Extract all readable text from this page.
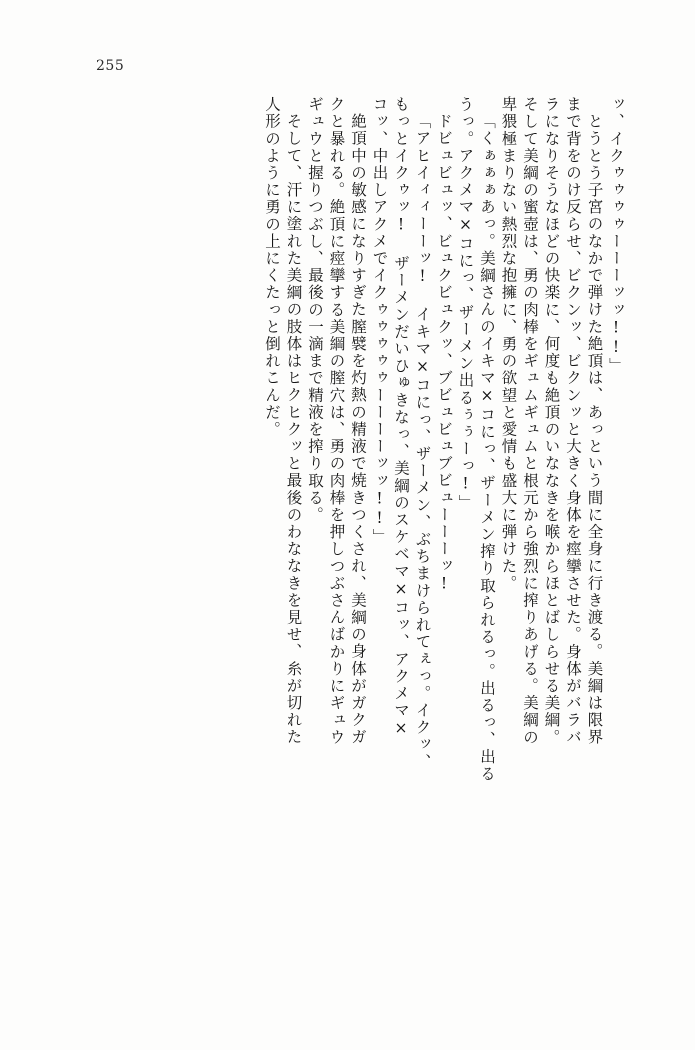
255
ッ、イクゥゥゥゥーーーッッ!!」
とうとう子宮のなかで弾けた絶頂は、あっという間に全身に行き渡る。美綱は限界
まで背をのけ反らせ、ビクンッ、ビクンッと大きく身体を痙攣させた。身体がバラバ
ラになりそうなほどの快楽に、何度も絶頂のいななきを喉からほとばしらせる美綱。
そして美綱の蜜壺は、勇の肉棒をギュムギュムと根元から強烈に搾りあげる。美綱の
卑猥極まりない熱烈な抱擁に、勇の欲望と愛情も盛大に弾けた。
「くぁぁぁあっ。美綱さんのイキマ×コにっ、ザーメン搾り取られるっ。出るっ、出る
うっ。アクメマ×コにっ、ザーメン出るぅぅーっ!」
ドビュビュッ、ビュクビュクッ、ブビュビュブビューーーッ!
「アヒイィィーーッ! イキマ×コにっ、ザーメン、ぶちまけられてぇっ。イクッ、
もっとイクゥッ! ザーメンだいひゅきなっ、美綱のスケベマ×コッ、アクメマ×
コッ、中出しアクメでイクゥゥゥゥゥーーーーッッ!!」
絶頂中の敏感になりすぎた膣襞を灼熱の精液で焼きつくされ、美綱の身体がガクガ
クと暴れる。絶頂に痙攣する美綱の膣穴は、勇の肉棒を押しつぶさんばかりにギュウ
ギュウと握りつぶし、最後の一滴まで精液を搾り取る。
そして、汗に塗れた美綱の肢体はヒクヒクッと最後のわななきを見せ、糸が切れた
人形のように勇の上にくたっと倒れこんだ。
